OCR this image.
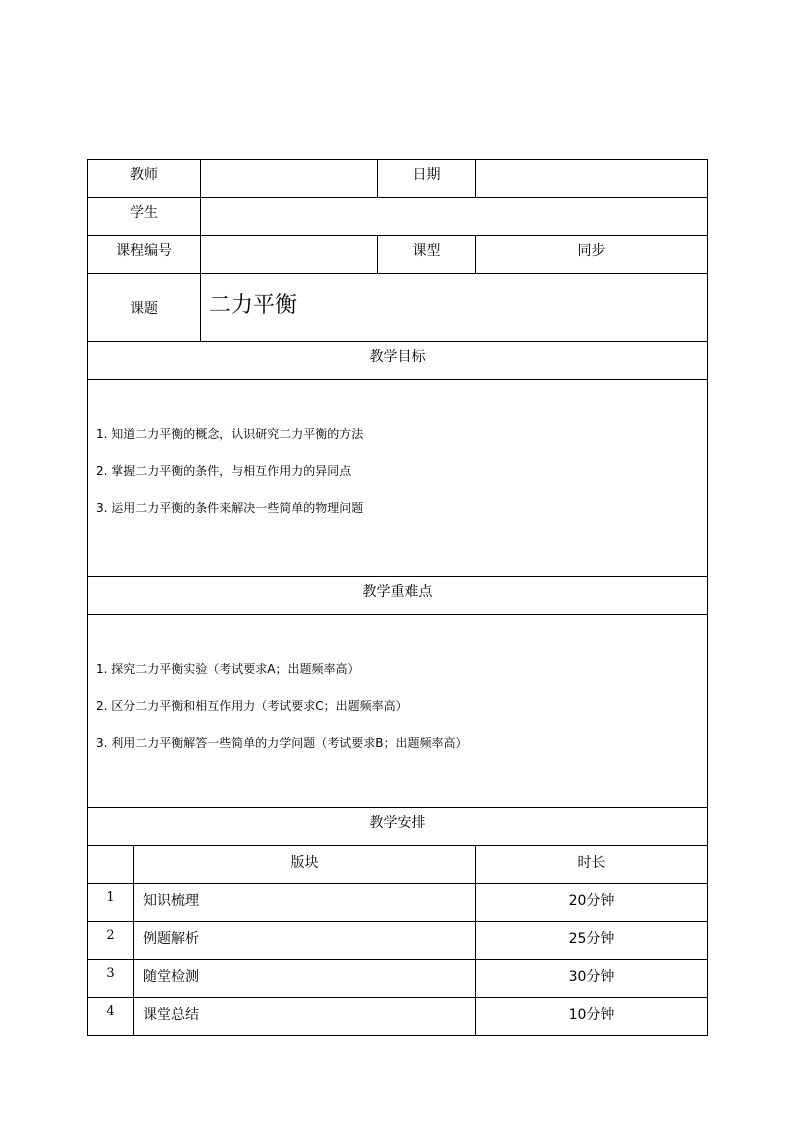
教师			日期	
学生				
课程编号			课型	同步
课题		二力平衡		
教学目标				

1. 知道二力平衡的概念，认识研究二力平衡的方法

2. 掌握二力平衡的条件，与相互作用力的异同点

3. 运用二力平衡的条件来解决一些简单的物理问题				

教学重难点				

1. 探究二力平衡实验（考试要求A；出题频率高）

2. 区分二力平衡和相互作用力（考试要求C；出题频率高）

3. 利用二力平衡解答一些简单的力学问题（考试要求B；出题频率高）				

教学安排				
	版块			时长
1	知识梳理			20分钟
2	例题解析			25分钟
3	随堂检测			30分钟
4	课堂总结			10分钟
